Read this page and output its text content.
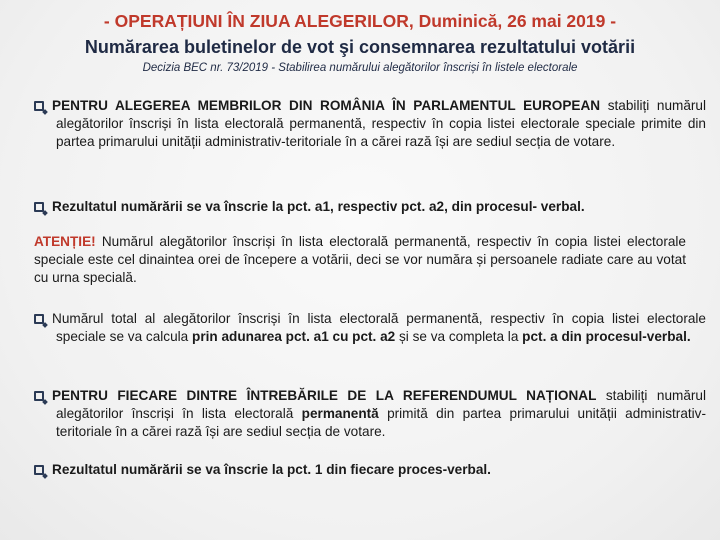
- OPERAȚIUNI ÎN ZIUA ALEGERILOR, Duminică, 26 mai 2019 -
Numărarea buletinelor de vot şi consemnarea rezultatului votării
Decizia BEC nr. 73/2019 - Stabilirea numărului alegătorilor înscriși în listele electorale
PENTRU ALEGEREA MEMBRILOR DIN ROMÂNIA ÎN PARLAMENTUL EUROPEAN stabiliți numărul alegătorilor înscriși în lista electorală permanentă, respectiv în copia listei electorale speciale primite din partea primarului unității administrativ-teritoriale în a cărei rază își are sediul secția de votare.
Rezultatul numărării se va înscrie la pct. a1, respectiv pct. a2, din procesul- verbal.
ATENȚIE! Numărul alegătorilor înscriși în lista electorală permanentă, respectiv în copia listei electorale speciale este cel dinaintea orei de începere a votării, deci se vor număra și persoanele radiate care au votat cu urna specială.
Numărul total al alegătorilor înscriși în lista electorală permanentă, respectiv în copia listei electorale speciale se va calcula prin adunarea pct. a1 cu pct. a2 și se va completa la pct. a din procesul-verbal.
PENTRU FIECARE DINTRE ÎNTREBĂRILE DE LA REFERENDUMUL NAȚIONAL stabiliți numărul alegătorilor înscriși în lista electorală permanentă primită din partea primarului unității administrativ-teritoriale în a cărei rază își are sediul secția de votare.
Rezultatul numărării se va înscrie la pct. 1 din fiecare proces-verbal.
